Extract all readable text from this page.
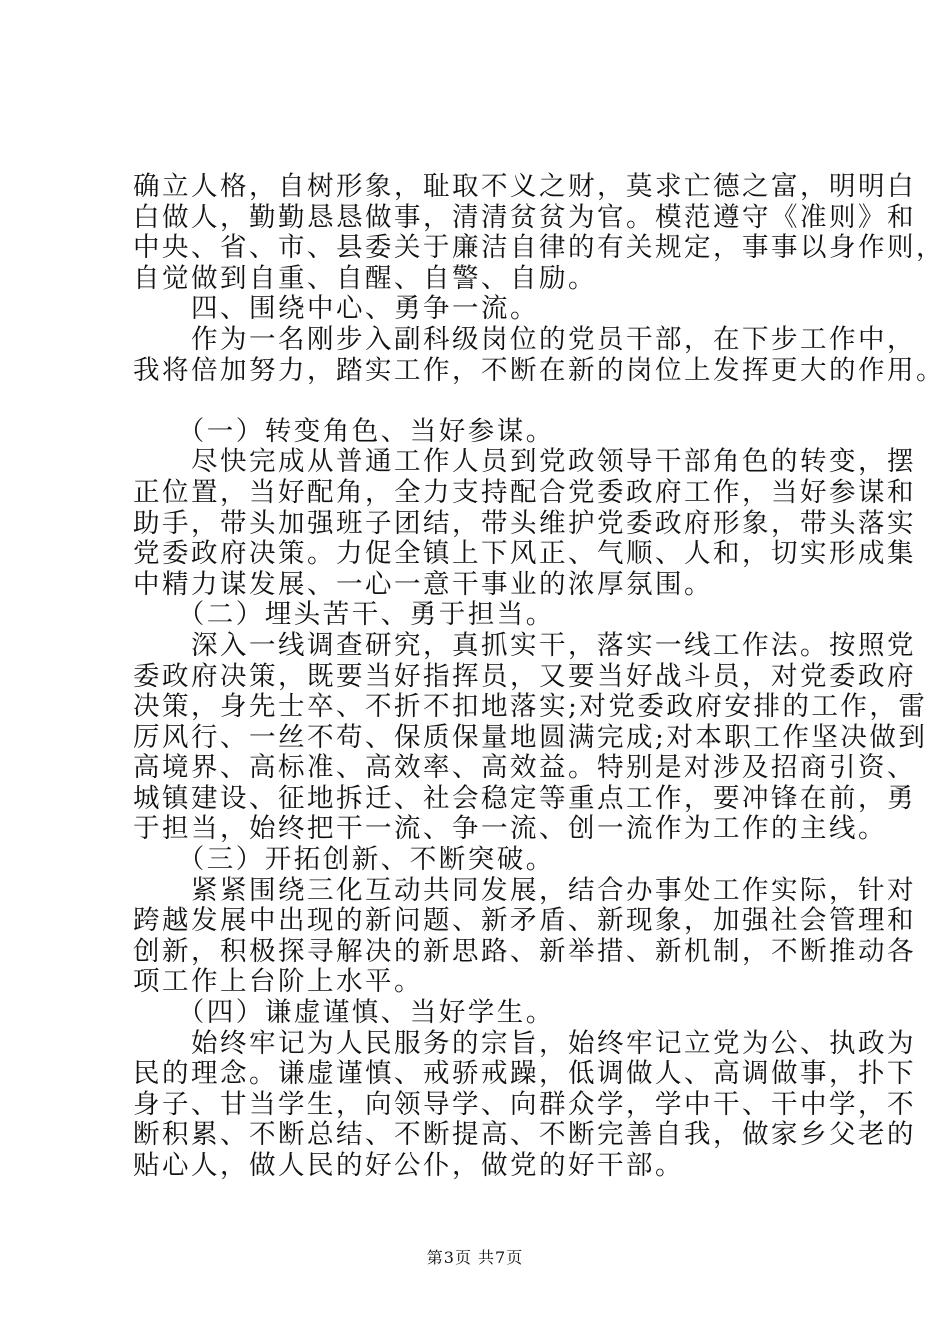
确立人格，自树形象，耻取不义之财，莫求亡德之富，明明白
白做人，勤勤恳恳做事，清清贫贫为官。模范遵守《准则》和
中央、省、市、县委关于廉洁自律的有关规定，事事以身作则，
自觉做到自重、自醒、自警、自励。
　　四、围绕中心、勇争一流。
　　作为一名刚步入副科级岗位的党员干部，在下步工作中，
我将倍加努力，踏实工作，不断在新的岗位上发挥更大的作用。
　　（一）转变角色、当好参谋。
　　尽快完成从普通工作人员到党政领导干部角色的转变，摆
正位置，当好配角，全力支持配合党委政府工作，当好参谋和
助手，带头加强班子团结，带头维护党委政府形象，带头落实
党委政府决策。力促全镇上下风正、气顺、人和，切实形成集
中精力谋发展、一心一意干事业的浓厚氛围。
　　（二）埋头苦干、勇于担当。
　　深入一线调查研究，真抓实干，落实一线工作法。按照党
委政府决策，既要当好指挥员，又要当好战斗员，对党委政府
决策，身先士卒、不折不扣地落实;对党委政府安排的工作，雷
厉风行、一丝不苟、保质保量地圆满完成;对本职工作坚决做到
高境界、高标准、高效率、高效益。特别是对涉及招商引资、
城镇建设、征地拆迁、社会稳定等重点工作，要冲锋在前，勇
于担当，始终把干一流、争一流、创一流作为工作的主线。
　　（三）开拓创新、不断突破。
　　紧紧围绕三化互动共同发展，结合办事处工作实际，针对
跨越发展中出现的新问题、新矛盾、新现象，加强社会管理和
创新，积极探寻解决的新思路、新举措、新机制，不断推动各
项工作上台阶上水平。
　　（四）谦虚谨慎、当好学生。
　　始终牢记为人民服务的宗旨，始终牢记立党为公、执政为
民的理念。谦虚谨慎、戒骄戒躁，低调做人、高调做事，扑下
身子、甘当学生，向领导学、向群众学，学中干、干中学，不
断积累、不断总结、不断提高、不断完善自我，做家乡父老的
贴心人，做人民的好公仆，做党的好干部。
第3页 共7页
